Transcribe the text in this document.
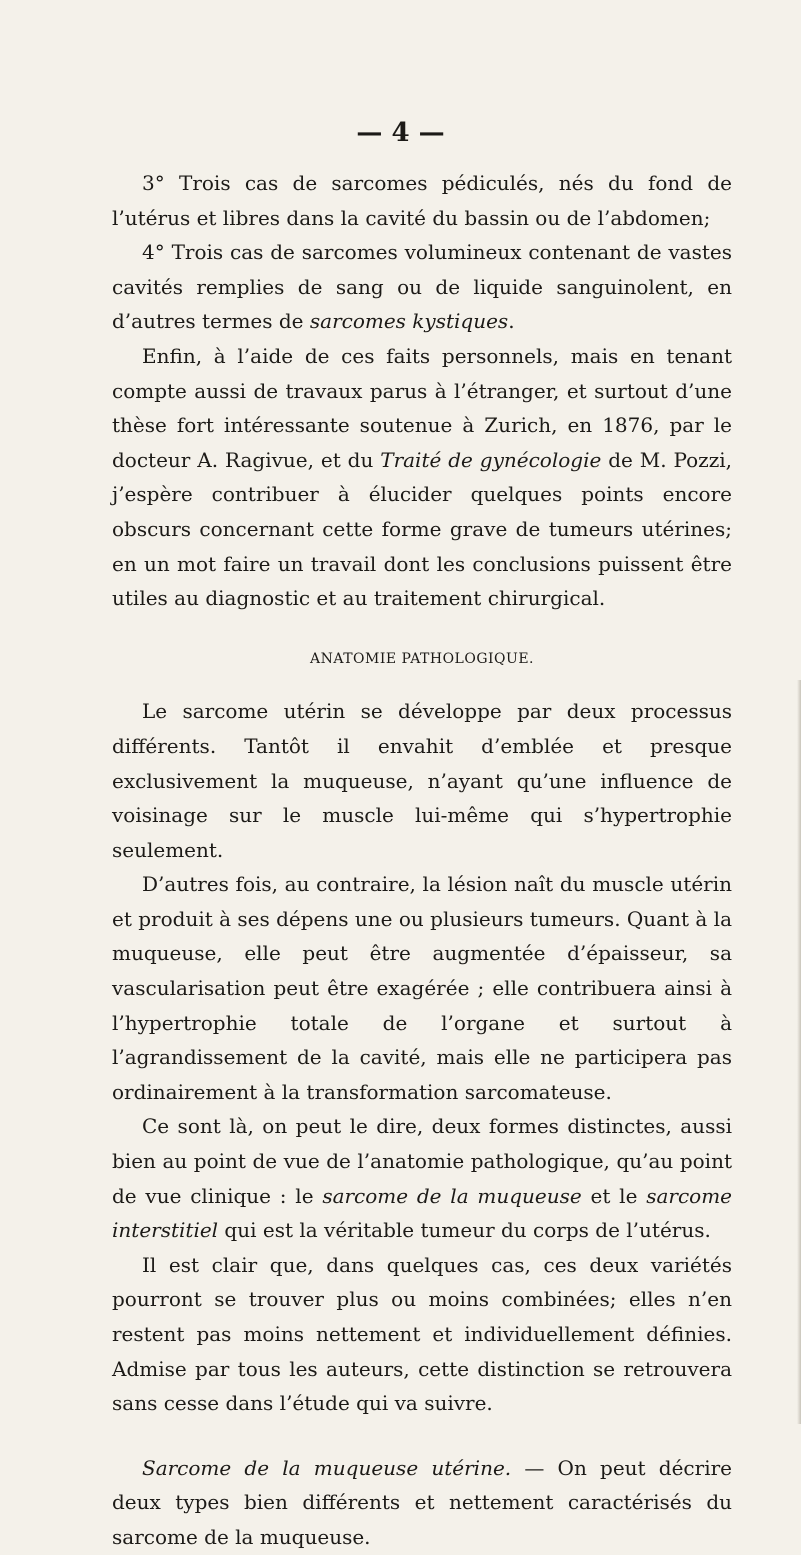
— 4 —

3° Trois cas de sarcomes pédiculés, nés du fond de l’utérus et libres dans la cavité du bassin ou de l’abdomen;

4° Trois cas de sarcomes volumineux contenant de vastes cavités remplies de sang ou de liquide sanguinolent, en d’autres termes de sarcomes kystiques.

Enfin, à l’aide de ces faits personnels, mais en tenant compte aussi de travaux parus à l’étranger, et surtout d’une thèse fort intéressante soutenue à Zurich, en 1876, par le docteur A. Ragivue, et du Traité de gynécologie de M. Pozzi, j’espère contribuer à élucider quelques points encore obscurs concernant cette forme grave de tumeurs utérines; en un mot faire un travail dont les conclusions puissent être utiles au diagnostic et au traitement chirurgical.

ANATOMIE PATHOLOGIQUE.

Le sarcome utérin se développe par deux processus différents. Tantôt il envahit d’emblée et presque exclusivement la muqueuse, n’ayant qu’une influence de voisinage sur le muscle lui-même qui s’hypertrophie seulement.

D’autres fois, au contraire, la lésion naît du muscle utérin et produit à ses dépens une ou plusieurs tumeurs. Quant à la muqueuse, elle peut être augmentée d’épaisseur, sa vascularisation peut être exagérée ; elle contribuera ainsi à l’hypertrophie totale de l’organe et surtout à l’agrandissement de la cavité, mais elle ne participera pas ordinairement à la transformation sarcomateuse.

Ce sont là, on peut le dire, deux formes distinctes, aussi bien au point de vue de l’anatomie pathologique, qu’au point de vue clinique : le sarcome de la muqueuse et le sarcome interstitiel qui est la véritable tumeur du corps de l’utérus.

Il est clair que, dans quelques cas, ces deux variétés pourront se trouver plus ou moins combinées; elles n’en restent pas moins nettement et individuellement définies. Admise par tous les auteurs, cette distinction se retrouvera sans cesse dans l’étude qui va suivre.

Sarcome de la muqueuse utérine. — On peut décrire deux types bien différents et nettement caractérisés du sarcome de la muqueuse.
